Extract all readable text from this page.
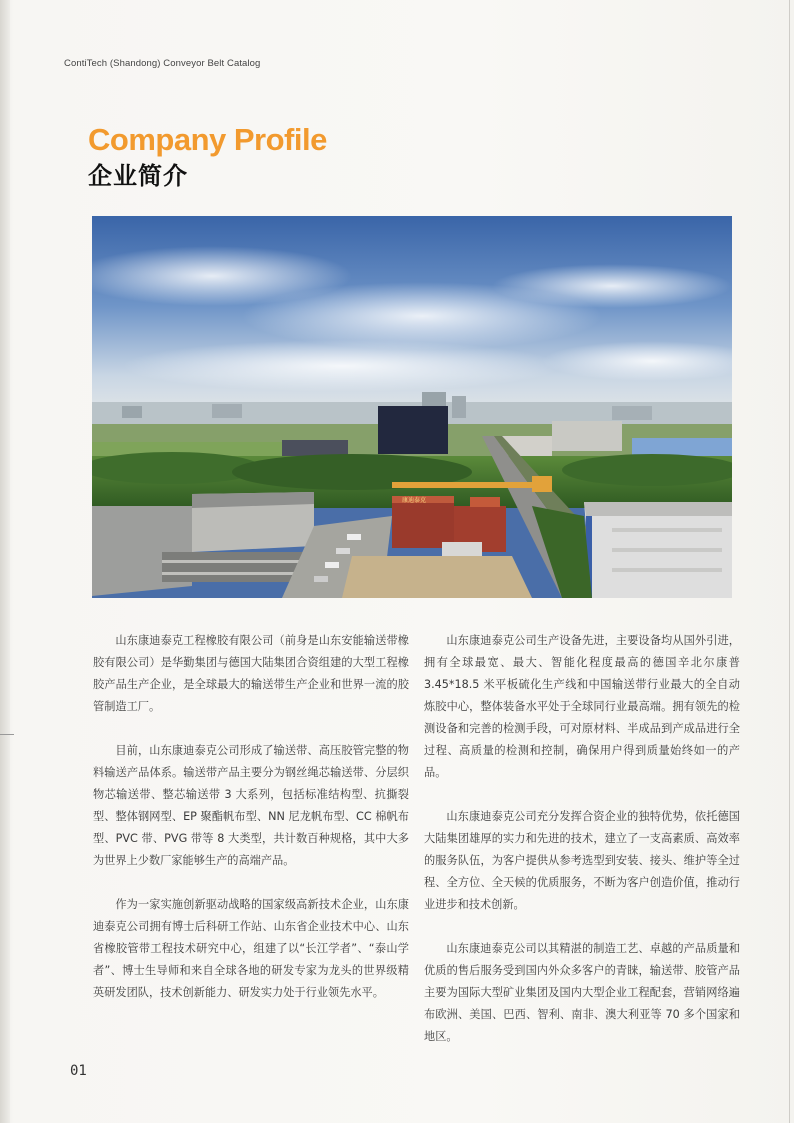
ContiTech (Shandong) Conveyor Belt Catalog
Company Profile
企业简介
康迪泰克

山东康迪泰克工程橡胶有限公司（前身是山东安能输送带橡胶有限公司）是华勤集团与德国大陆集团合资组建的大型工程橡胶产品生产企业，是全球最大的输送带生产企业和世界一流的胶管制造工厂。

目前，山东康迪泰克公司形成了输送带、高压胶管完整的物料输送产品体系。输送带产品主要分为钢丝绳芯输送带、分层织物芯输送带、整芯输送带 3 大系列，包括标准结构型、抗撕裂型、整体钢网型、EP 聚酯帆布型、NN 尼龙帆布型、CC 棉帆布型、PVC 带、PVG 带等 8 大类型，共计数百种规格，其中大多为世界上少数厂家能够生产的高端产品。

作为一家实施创新驱动战略的国家级高新技术企业，山东康迪泰克公司拥有博士后科研工作站、山东省企业技术中心、山东省橡胶管带工程技术研究中心，组建了以“长江学者”、“泰山学者”、博士生导师和来自全球各地的研发专家为龙头的世界级精英研发团队，技术创新能力、研发实力处于行业领先水平。

山东康迪泰克公司生产设备先进，主要设备均从国外引进，拥有全球最宽、最大、智能化程度最高的德国辛北尔康普 3.45*18.5 米平板硫化生产线和中国输送带行业最大的全自动炼胶中心，整体装备水平处于全球同行业最高端。拥有领先的检测设备和完善的检测手段，可对原材料、半成品到产成品进行全过程、高质量的检测和控制，确保用户得到质量始终如一的产品。

山东康迪泰克公司充分发挥合资企业的独特优势，依托德国大陆集团雄厚的实力和先进的技术，建立了一支高素质、高效率的服务队伍，为客户提供从参考选型到安装、接头、维护等全过程、全方位、全天候的优质服务，不断为客户创造价值，推动行业进步和技术创新。

山东康迪泰克公司以其精湛的制造工艺、卓越的产品质量和优质的售后服务受到国内外众多客户的青睐，输送带、胶管产品主要为国际大型矿业集团及国内大型企业工程配套，营销网络遍布欧洲、美国、巴西、智利、南非、澳大利亚等 70 多个国家和地区。

01
